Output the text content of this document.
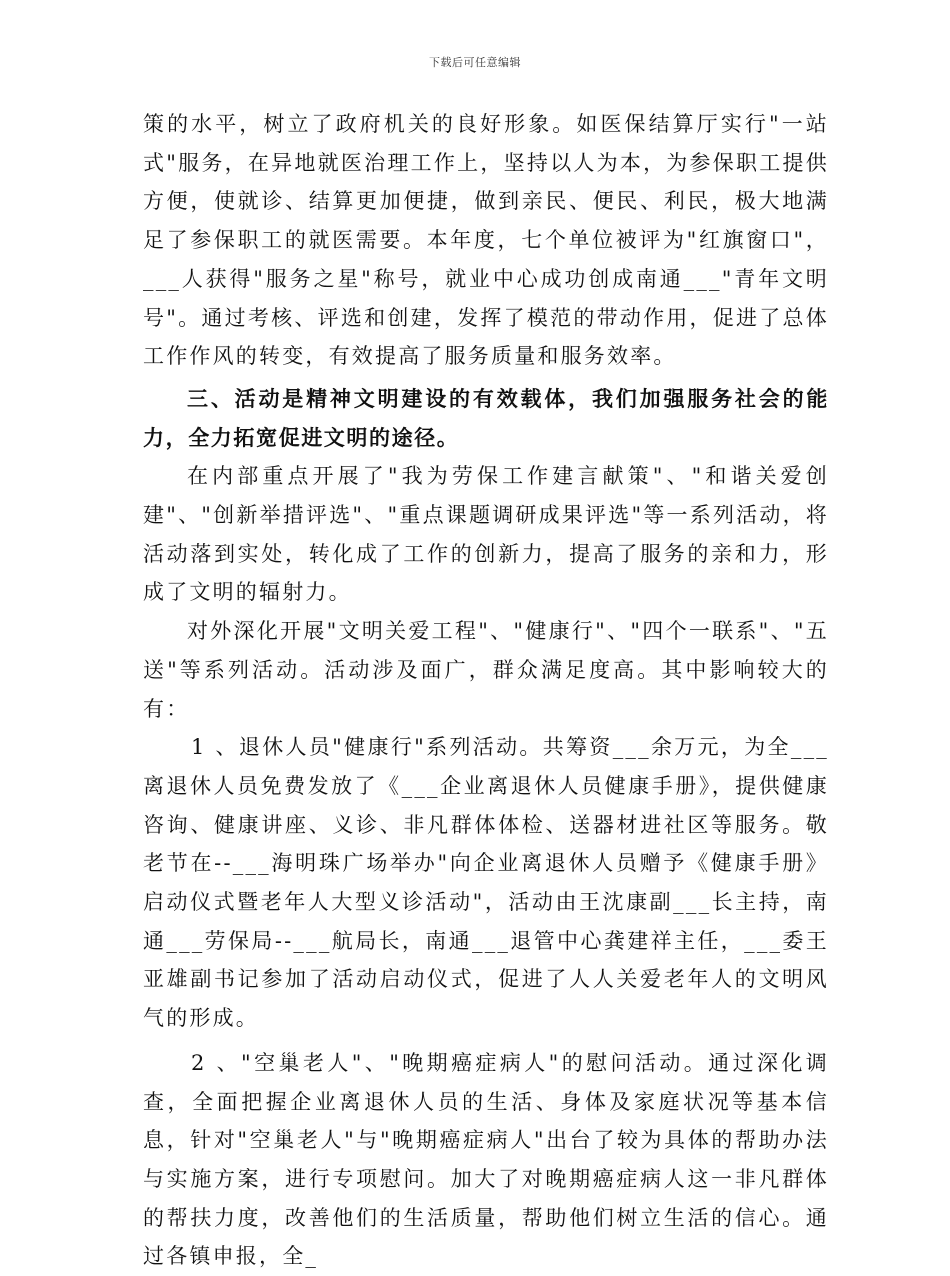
下载后可任意编辑

策的水平，树立了政府机关的良好形象。如医保结算厅实行"一站式"服务，在异地就医治理工作上，坚持以人为本，为参保职工提供方便，使就诊、结算更加便捷，做到亲民、便民、利民，极大地满足了参保职工的就医需要。本年度，七个单位被评为"红旗窗口"，___人获得"服务之星"称号，就业中心成功创成南通___"青年文明号"。通过考核、评选和创建，发挥了模范的带动作用，促进了总体工作作风的转变，有效提高了服务质量和服务效率。

三、活动是精神文明建设的有效载体，我们加强服务社会的能力，全力拓宽促进文明的途径。

在内部重点开展了"我为劳保工作建言献策"、"和谐关爱创建"、"创新举措评选"、"重点课题调研成果评选"等一系列活动，将活动落到实处，转化成了工作的创新力，提高了服务的亲和力，形成了文明的辐射力。

对外深化开展"文明关爱工程"、"健康行"、"四个一联系"、"五送"等系列活动。活动涉及面广，群众满足度高。其中影响较大的有：

1 、退休人员"健康行"系列活动。共筹资___余万元，为全___离退休人员免费发放了《___企业离退休人员健康手册》，提供健康咨询、健康讲座、义诊、非凡群体体检、送器材进社区等服务。敬老节在--___海明珠广场举办"向企业离退休人员赠予《健康手册》启动仪式暨老年人大型义诊活动"，活动由王沈康副___长主持，南通___劳保局--___航局长，南通___退管中心龚建祥主任，___委王亚雄副书记参加了活动启动仪式，促进了人人关爱老年人的文明风气的形成。

2 、"空巢老人"、"晚期癌症病人"的慰问活动。通过深化调查，全面把握企业离退休人员的生活、身体及家庭状况等基本信息，针对"空巢老人"与"晚期癌症病人"出台了较为具体的帮助办法与实施方案，进行专项慰问。加大了对晚期癌症病人这一非凡群体的帮扶力度，改善他们的生活质量，帮助他们树立生活的信心。通过各镇申报，全_
